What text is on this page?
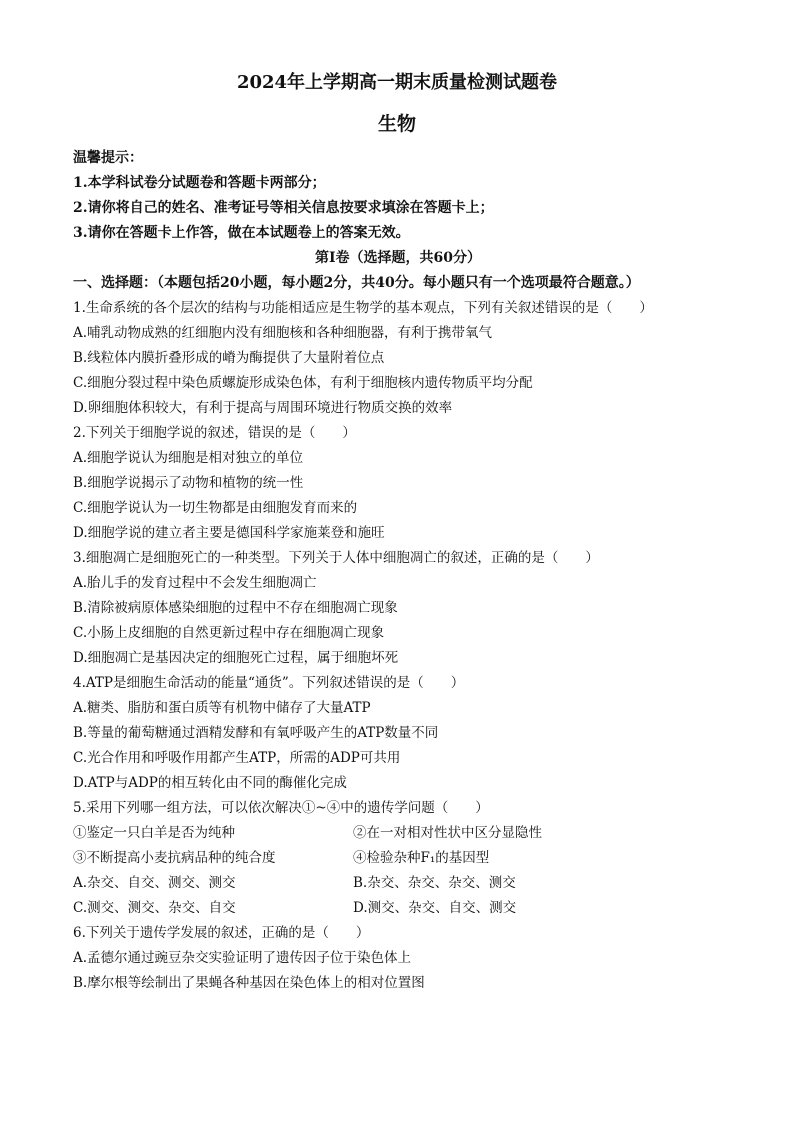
2024年上学期高一期末质量检测试题卷
生物
温馨提示：
1.本学科试卷分试题卷和答题卡两部分；
2.请你将自己的姓名、准考证号等相关信息按要求填涂在答题卡上；
3.请你在答题卡上作答，做在本试题卷上的答案无效。
第Ⅰ卷（选择题，共60分）
一、选择题：（本题包括20小题，每小题2分，共40分。每小题只有一个选项最符合题意。）
1.生命系统的各个层次的结构与功能相适应是生物学的基本观点，下列有关叙述错误的是（　　）
A.哺乳动物成熟的红细胞内没有细胞核和各种细胞器，有利于携带氧气
B.线粒体内膜折叠形成的嵴为酶提供了大量附着位点
C.细胞分裂过程中染色质螺旋形成染色体，有利于细胞核内遗传物质平均分配
D.卵细胞体积较大，有利于提高与周围环境进行物质交换的效率
2.下列关于细胞学说的叙述，错误的是（　　）
A.细胞学说认为细胞是相对独立的单位
B.细胞学说揭示了动物和植物的统一性
C.细胞学说认为一切生物都是由细胞发育而来的
D.细胞学说的建立者主要是德国科学家施莱登和施旺
3.细胞凋亡是细胞死亡的一种类型。下列关于人体中细胞凋亡的叙述，正确的是（　　）
A.胎儿手的发育过程中不会发生细胞凋亡
B.清除被病原体感染细胞的过程中不存在细胞凋亡现象
C.小肠上皮细胞的自然更新过程中存在细胞凋亡现象
D.细胞凋亡是基因决定的细胞死亡过程，属于细胞坏死
4.ATP是细胞生命活动的能量“通货”。下列叙述错误的是（　　）
A.糖类、脂肪和蛋白质等有机物中储存了大量ATP
B.等量的葡萄糖通过酒精发酵和有氧呼吸产生的ATP数量不同
C.光合作用和呼吸作用都产生ATP，所需的ADP可共用
D.ATP与ADP的相互转化由不同的酶催化完成
5.采用下列哪一组方法，可以依次解决①~④中的遗传学问题（　　）
①鉴定一只白羊是否为纯种	②在一对相对性状中区分显隐性
③不断提高小麦抗病品种的纯合度	④检验杂种F₁的基因型
A.杂交、自交、测交、测交	B.杂交、杂交、杂交、测交
C.测交、测交、杂交、自交	D.测交、杂交、自交、测交
6.下列关于遗传学发展的叙述，正确的是（　　）
A.孟德尔通过豌豆杂交实验证明了遗传因子位于染色体上
B.摩尔根等绘制出了果蝇各种基因在染色体上的相对位置图
